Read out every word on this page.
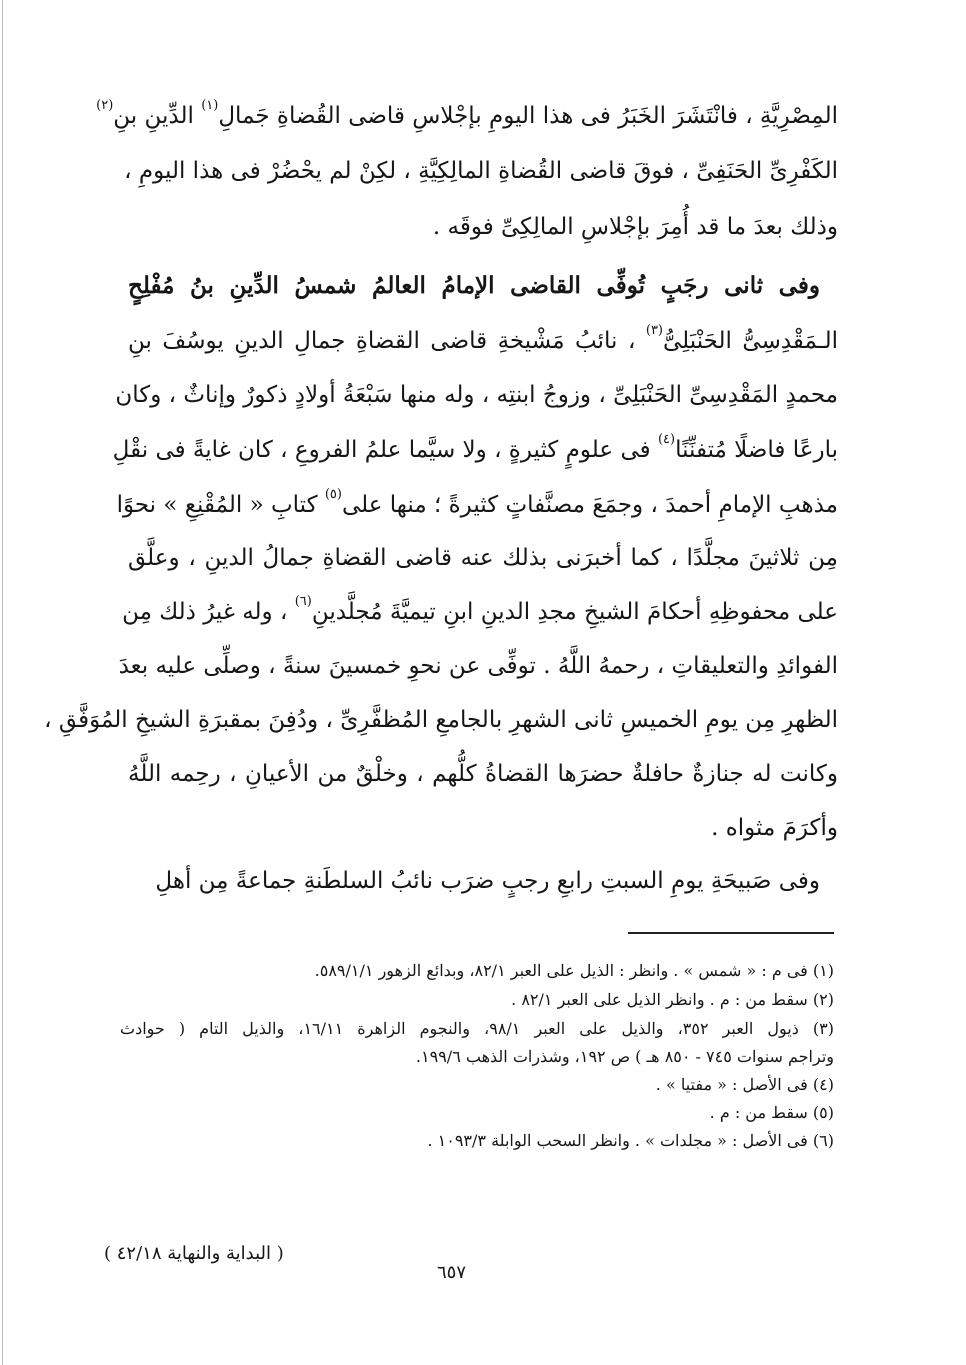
المِصْرِيَّةِ ، فانْتَشَرَ الخَبَرُ فى هذا اليومِ بإجْلاسِ قاضى القُضاةِ جَمالِ$^{(١)}$ الدِّينِ بنِ$^{(٢)}$
الكَفْرِىِّ الحَنَفِىِّ ، فوقَ قاضى القُضاةِ المالِكِيَّةِ ، لكِنْ لم يحْضُرْ فى هذا اليومِ ،
وذلك بعدَ ما قد أُمِرَ بإجْلاسِ المالِكِىِّ فوقَه .
وفى ثانى رجَبٍ تُوفِّى القاضى الإمامُ العالمُ شمسُ الدِّينِ بنُ مُفْلِحٍ
الـمَقْدِسِىُّ الحَنْبَلِىُّ$^{(٣)}$ ، نائبُ مَشْيخةِ قاضى القضاةِ جمالِ الدينِ يوسُفَ بنِ
محمدٍ المَقْدِسِىِّ الحَنْبَلِىِّ ، وزوجُ ابنتِه ، وله منها سَبْعَةُ أولادٍ ذكورٌ وإناثٌ ، وكان
بارعًا فاضلًا مُتفنِّنًا$^{(٤)}$ فى علومٍ كثيرةٍ ، ولا سيَّما علمُ الفروعِ ، كان غايةً فى نقْلِ
مذهبِ الإمامِ أحمدَ ، وجمَعَ مصنَّفاتٍ كثيرةً ؛ منها على$^{(٥)}$ كتابِ « المُقْنِعِ » نحوًا
مِن ثلاثينَ مجلَّدًا ، كما أخبرَنى بذلك عنه قاضى القضاةِ جمالُ الدينِ ، وعلَّق
على محفوظِهِ أحكامَ الشيخِ مجدِ الدينِ ابنِ تيميَّةَ مُجلَّدينِ$^{(٦)}$ ، وله غيرُ ذلك مِن
الفوائدِ والتعليقاتِ ، رحمهُ اللَّهُ . توفِّى عن نحوِ خمسينَ سنةً ، وصلِّى عليه بعدَ
الظهرِ مِن يومِ الخميسِ ثانى الشهرِ بالجامعِ المُظفَّرِىِّ ، ودُفِنَ بمقبرَةِ الشيخِ المُوَفَّقِ ،
وكانت له جنازةٌ حافلةٌ حضرَها القضاةُ كلُّهم ، وخلْقٌ من الأعيانِ ، رحِمه اللَّهُ
وأكرَمَ مثواه .
وفى صَبيحَةِ يومِ السبتِ رابعِ رجبٍ ضرَب نائبُ السلطَنةِ جماعةً مِن أهلِ
(١) فى م : « شمس » . وانظر : الذيل على العبر ٨٢/١، وبدائع الزهور ٥٨٩/١/١.
(٢) سقط من : م . وانظر الذيل على العبر ٨٢/١ .
(٣) ذيول العبر ٣٥٢، والذيل على العبر ٩٨/١، والنجوم الزاهرة ١٦/١١، والذيل التام ( حوادث
وتراجم سنوات ٧٤٥ - ٨٥٠ هـ ) ص ١٩٢، وشذرات الذهب ١٩٩/٦.
(٤) فى الأصل : « مفتيا » .
(٥) سقط من : م .
(٦) فى الأصل : « مجلدات » . وانظر السحب الوابلة ١٠٩٣/٣ .
٦٥٧
( البداية والنهاية ٤٢/١٨ )
